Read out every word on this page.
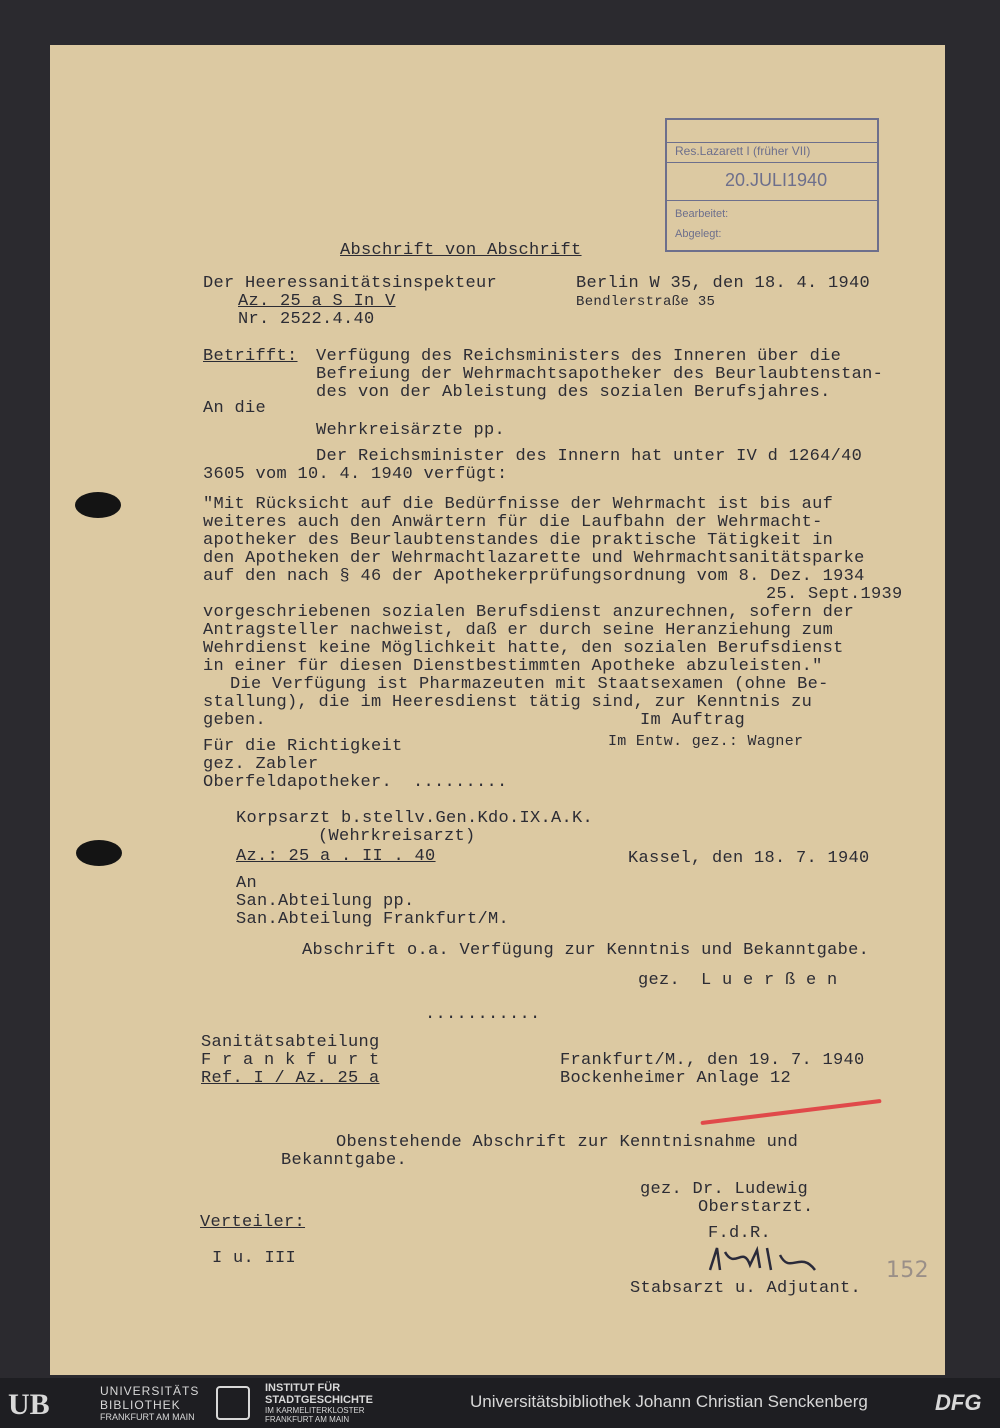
Res.Lazarett I (früher VII)
20.JULI1940
Bearbeitet:
Abgelegt:
Abschrift von Abschrift
Der Heeressanitätsinspekteur
Az. 25 a S In V
Nr. 2522.4.40
Berlin W 35, den 18. 4. 1940
Bendlerstraße 35
Betrifft: Verfügung des Reichsministers des Inneren über die
Befreiung der Wehrmachtsapotheker des Beurlaubtenstan-
des von der Ableistung des sozialen Berufsjahres.
An die
Wehrkreisärzte pp.
Der Reichsminister des Innern hat unter IV d 1264/40
3605 vom 10. 4. 1940 verfügt:
"Mit Rücksicht auf die Bedürfnisse der Wehrmacht ist bis auf
weiteres auch den Anwärtern für die Laufbahn der Wehrmacht-
apotheker des Beurlaubtenstandes die praktische Tätigkeit in
den Apotheken der Wehrmachtlazarette und Wehrmachtsanitätsparke
auf den nach § 46 der Apothekerprüfungsordnung vom 8. Dez. 1934
25. Sept.1939
vorgeschriebenen sozialen Berufsdienst anzurechnen, sofern der
Antragsteller nachweist, daß er durch seine Heranziehung zum
Wehrdienst keine Möglichkeit hatte, den sozialen Berufsdienst
in einer für diesen Dienstbestimmten Apotheke abzuleisten."
Die Verfügung ist Pharmazeuten mit Staatsexamen (ohne Be-
stallung), die im Heeresdienst tätig sind, zur Kenntnis zu
geben.	Im Auftrag
Im Entw. gez.: Wagner
Für die Richtigkeit
gez. Zabler
Oberfeldapotheker.  .........
Korpsarzt b.stellv.Gen.Kdo.IX.A.K.
(Wehrkreisarzt)
Az.: 25 a . II . 40	Kassel, den 18. 7. 1940
An
San.Abteilung pp.
San.Abteilung Frankfurt/M.
Abschrift o.a. Verfügung zur Kenntnis und Bekanntgabe.
gez.  L u e r ß e n
...........
Sanitätsabteilung
F r a n k f u r t
Ref. I / Az. 25 a
Frankfurt/M., den 19. 7. 1940
Bockenheimer Anlage 12
Obenstehende Abschrift zur Kenntnisnahme und
Bekanntgabe.
gez. Dr. Ludewig
Oberstarzt.
Verteiler:
F.d.R.
I u. III
Stabsarzt u. Adjutant.
152
UB	UNIVERSITÄTS
BIBLIOTHEK
FRANKFURT AM MAIN
INSTITUT FÜR
STADTGESCHICHTE
IM KARMELITERKLOSTER
FRANKFURT AM MAIN
Universitätsbibliothek Johann Christian Senckenberg	DFG
